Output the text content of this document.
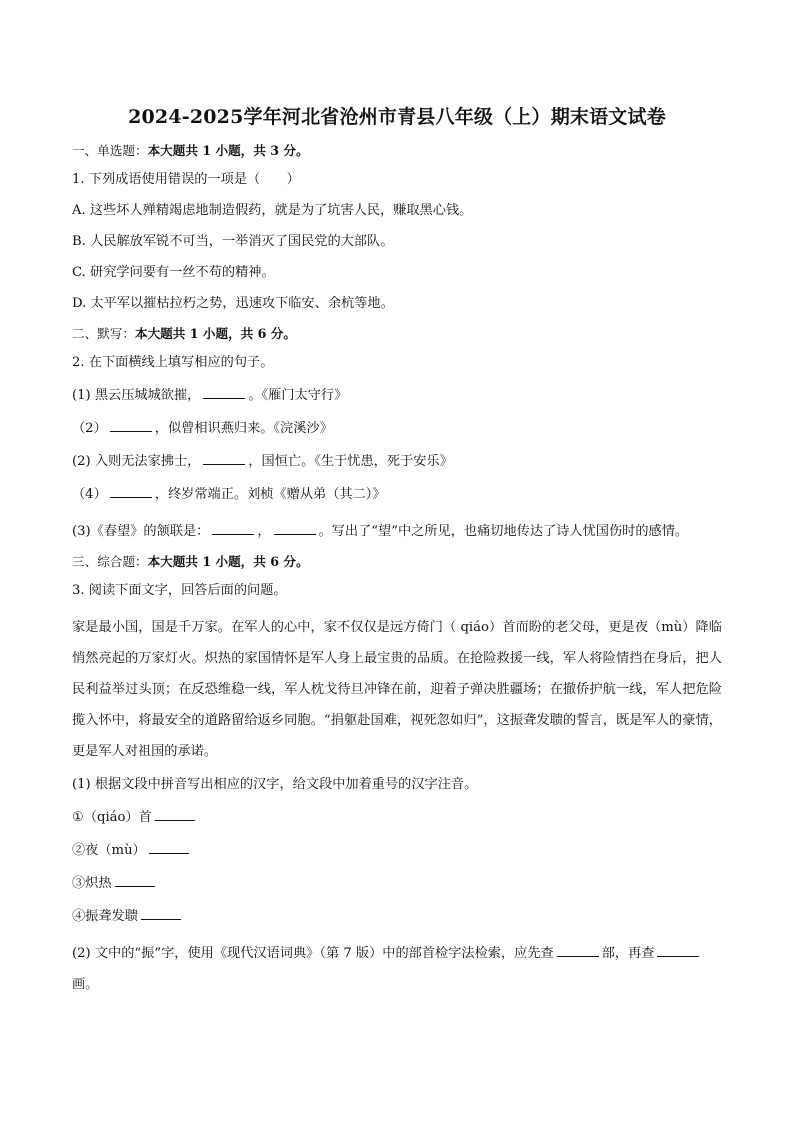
2024-2025学年河北省沧州市青县八年级（上）期末语文试卷
一、单选题：本大题共 1 小题，共 3 分。
1. 下列成语使用错误的一项是（　　）
A. 这些坏人殚精竭虑地制造假药，就是为了坑害人民，赚取黑心钱。
B. 人民解放军锐不可当，一举消灭了国民党的大部队。
C. 研究学问要有一丝不苟的精神。
D. 太平军以摧枯拉朽之势，迅速攻下临安、余杭等地。
二、默写：本大题共 1 小题，共 6 分。
2. 在下面横线上填写相应的句子。
(1) 黑云压城城欲摧，	。《雁门太守行》
（2）	，似曾相识燕归来。《浣溪沙》
(2) 入则无法家拂士，	，国恒亡。《生于忧患，死于安乐》
（4）	，终岁常端正。刘桢《赠从弟（其二）》
(3)《春望》的颔联是：	，	。写出了“望”中之所见，也痛切地传达了诗人忧国伤时的感情。
三、综合题：本大题共 1 小题，共 6 分。
3. 阅读下面文字，回答后面的问题。
家是最小国，国是千万家。在军人的心中，家不仅仅是远方倚门（ qiáo）首而盼的老父母，更是夜（mù）降临悄然亮起的万家灯火。炽热的家国情怀是军人身上最宝贵的品质。在抢险救援一线，军人将险情挡在身后，把人民利益举过头顶；在反恐维稳一线，军人枕戈待旦冲锋在前，迎着子弹决胜疆场；在撤侨护航一线，军人把危险揽入怀中，将最安全的道路留给返乡同胞。“捐躯赴国难，视死忽如归”，这振聋发聩的誓言，既是军人的豪情，更是军人对祖国的承诺。
(1) 根据文段中拼音写出相应的汉字，给文段中加着重号的汉字注音。
①（qiáo）首
②夜（mù）
③炽热
④振聋发聩
(2) 文中的“振”字，使用《现代汉语词典》（第 7 版）中的部首检字法检索，应先查	部，再查画。
